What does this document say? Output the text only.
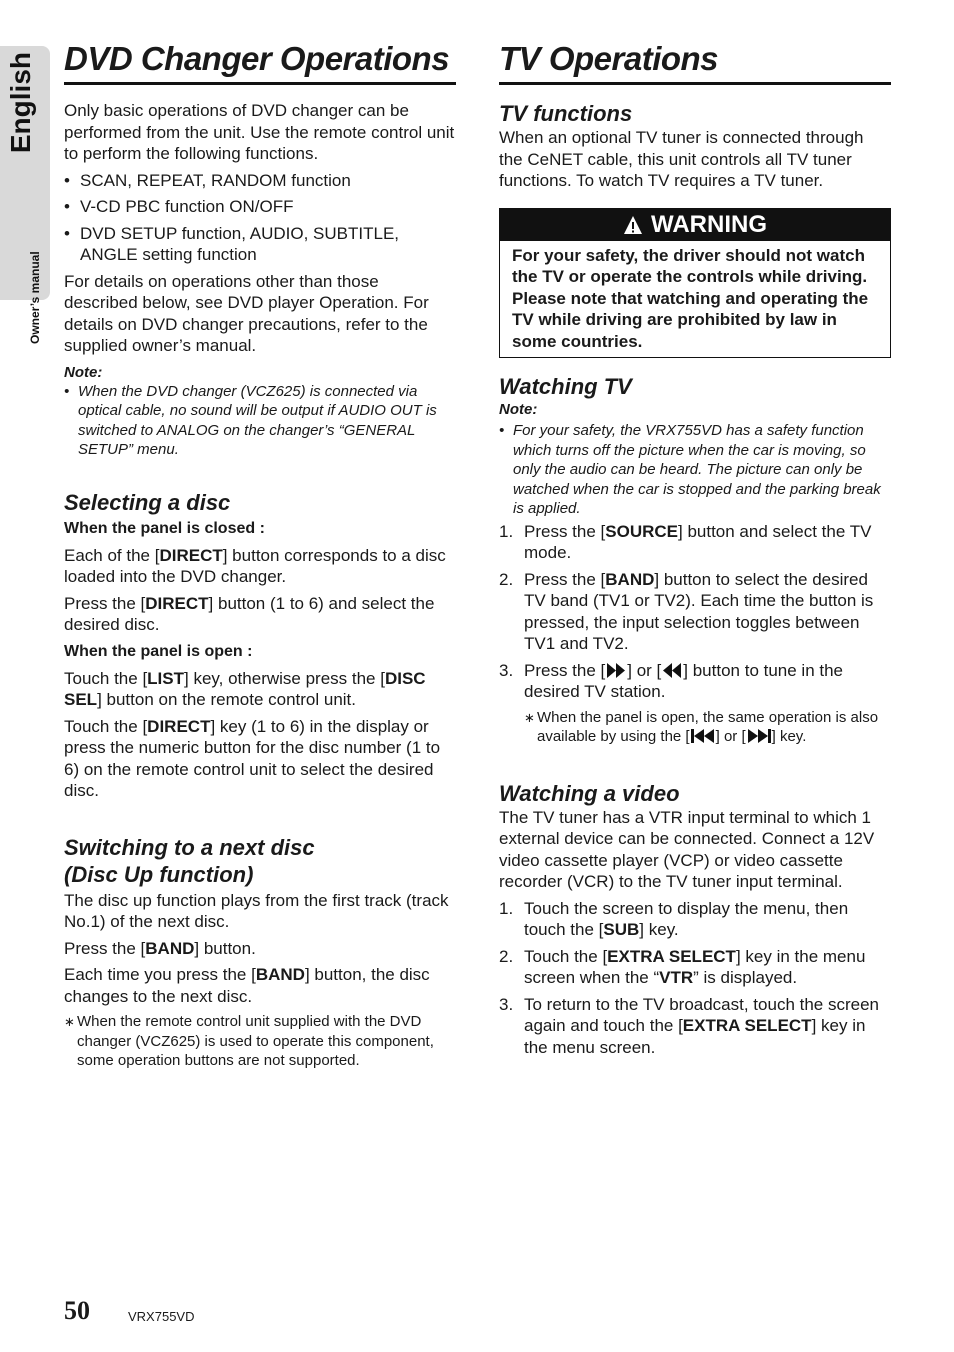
English
Owner’s manual
DVD Changer Operations

Only basic operations of DVD changer can be performed from the unit. Use the remote control unit to perform the following functions.

• SCAN, REPEAT, RANDOM function
• V-CD PBC function ON/OFF
• DVD SETUP function, AUDIO, SUBTITLE, ANGLE setting function

For details on operations other than those described below, see DVD player Operation. For details on DVD changer precautions, refer to the supplied owner’s manual.

Note:
• When the DVD changer (VCZ625) is connected via optical cable, no sound will be output if AUDIO OUT is switched to ANALOG on the changer’s “GENERAL SETUP” menu.
Selecting a disc
When the panel is closed :

Each of the [DIRECT] button corresponds to a disc loaded into the DVD changer.

Press the [DIRECT] button (1 to 6) and select the desired disc.

When the panel is open :

Touch the [LIST] key, otherwise press the [DISC SEL] button on the remote control unit.

Touch the [DIRECT] key (1 to 6) in the display or press the numeric button for the disc number (1 to 6) on the remote control unit to select the desired disc.

Switching to a next disc
(Disc Up function)

The disc up function plays from the first track (track No.1) of the next disc.

Press the [BAND] button.

Each time you press the [BAND] button, the disc changes to the next disc.

∗ When the remote control unit supplied with the DVD changer (VCZ625) is used to operate this component, some operation buttons are not supported.
TV Operations
TV functions

When an optional TV tuner is connected through the CeNET cable, this unit controls all TV tuner functions. To watch TV requires a TV tuner.

WARNING
For your safety, the driver should not watch the TV or operate the controls while driving. Please note that watching and operating the TV while driving are prohibited by law in some countries.
Watching TV
Note:
• For your safety, the VRX755VD has a safety function which turns off the picture when the car is moving, so only the audio can be heard. The picture can only be watched when the car is stopped and the parking break is applied.
1. Press the [SOURCE] button and select the TV mode.
2. Press the [BAND] button to select the desired TV band (TV1 or TV2). Each time the button is pressed, the input selection toggles between TV1 and TV2.
3. Press the [ ] or [ ] button to tune in the desired TV station.
∗ When the panel is open, the same operation is also available by using the [ ] or [ ] key.
Watching a video

The TV tuner has a VTR input terminal to which 1 external device can be connected. Connect a 12V video cassette player (VCP) or video cassette recorder (VCR) to the TV tuner input terminal.

1. Touch the screen to display the menu, then touch the [SUB] key.
2. Touch the [EXTRA SELECT] key in the menu screen when the “VTR” is displayed.
3. To return to the TV broadcast, touch the screen again and touch the [EXTRA SELECT] key in the menu screen.
50	VRX755VD
